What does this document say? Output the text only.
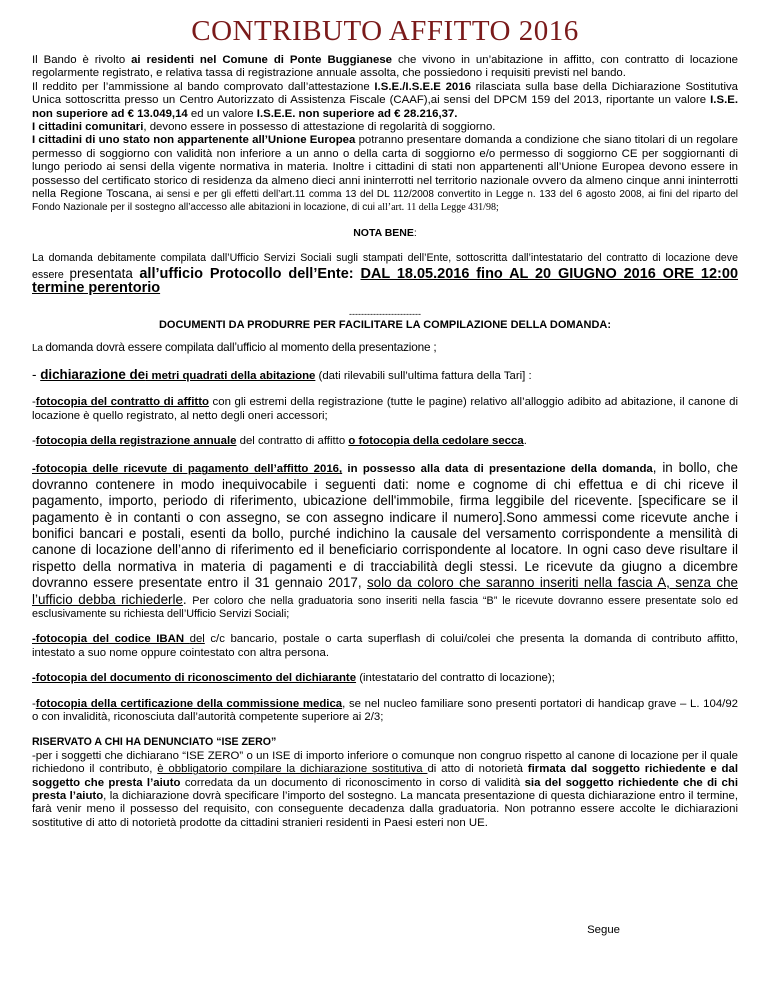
CONTRIBUTO AFFITTO 2016

Il Bando è rivolto ai residenti nel Comune di Ponte Buggianese che vivono in un’abitazione in affitto, con contratto di locazione regolarmente registrato, e relativa tassa di registrazione annuale assolta, che possiedono i requisiti previsti nel bando.

Il reddito per l’ammissione al bando comprovato dall’attestazione I.S.E./I.S.E.E 2016 rilasciata sulla base della Dichiarazione Sostitutiva Unica sottoscritta presso un Centro Autorizzato di Assistenza Fiscale (CAAF),ai sensi del DPCM 159 del 2013, riportante un valore I.S.E. non superiore ad € 13.049,14 ed un valore I.S.E.E. non superiore ad € 28.216,37.

I cittadini comunitari, devono essere in possesso di attestazione di regolarità di soggiorno.

I cittadini di uno stato non appartenente all’Unione Europea potranno presentare domanda a condizione che siano titolari di un regolare permesso di soggiorno con validità non inferiore a un anno o della carta di soggiorno e/o permesso di soggiorno CE per soggiornanti di lungo periodo ai sensi della vigente normativa in materia. Inoltre i cittadini di stati non appartenenti all’Unione Europea devono essere in possesso del certificato storico di residenza da almeno dieci anni ininterrotti nel territorio nazionale ovvero da almeno cinque anni ininterrotti nella Regione Toscana, ai sensi e per gli effetti dell’art.11 comma 13 del DL 112/2008 convertito in Legge n. 133 del 6 agosto 2008, ai fini del riparto del Fondo Nazionale per il sostegno all’accesso alle abitazioni in locazione, di cui all’art. 11 della Legge 431/98;

NOTA BENE:

La domanda debitamente compilata dall’Ufficio Servizi Sociali sugli stampati dell’Ente, sottoscritta dall’intestatario del contratto di locazione deve essere presentata all’ufficio Protocollo dell’Ente: DAL 18.05.2016 fino AL 20 GIUGNO 2016 ORE 12:00 termine perentorio

------------------------

DOCUMENTI DA PRODURRE PER FACILITARE LA COMPILAZIONE DELLA DOMANDA:

La domanda dovrà essere compilata dall’ufficio al momento della presentazione ;

- dichiarazione dei metri quadrati della abitazione (dati rilevabili sull’ultima fattura della Tari] :

-fotocopia del contratto di affitto con gli estremi della registrazione (tutte le pagine) relativo all’alloggio adibito ad abitazione, il canone di locazione è quello registrato, al netto degli oneri accessori;

-fotocopia della registrazione annuale del contratto di affitto o fotocopia della cedolare secca.

-fotocopia delle ricevute di pagamento dell’affitto 2016, in possesso alla data di presentazione della domanda, in bollo, che dovranno contenere in modo inequivocabile i seguenti dati: nome e cognome di chi effettua e di chi riceve il pagamento, importo, periodo di riferimento, ubicazione dell'immobile, firma leggibile del ricevente. [specificare se il pagamento è in contanti o con assegno, se con assegno indicare il numero].Sono ammessi come ricevute anche i bonifici bancari e postali, esenti da bollo, purché indichino la causale del versamento corrispondente a mensilità di canone di locazione dell’anno di riferimento ed il beneficiario corrispondente al locatore. In ogni caso deve risultare il rispetto della normativa in materia di pagamenti e di tracciabilità degli stessi. Le ricevute da giugno a dicembre dovranno essere presentate entro il 31 gennaio 2017, solo da coloro che saranno inseriti nella fascia A, senza che l’ufficio debba richiederle. Per coloro che nella graduatoria sono inseriti nella fascia “B” le ricevute dovranno essere presentate solo ed esclusivamente su richiesta dell’Ufficio Servizi Sociali;

-fotocopia del codice IBAN del c/c bancario, postale o carta superflash di colui/colei che presenta la domanda di contributo affitto, intestato a suo nome oppure cointestato con altra persona.

-fotocopia del documento di riconoscimento del dichiarante (intestatario del contratto di locazione);

-fotocopia della certificazione della commissione medica, se nel nucleo familiare sono presenti portatori di handicap grave – L. 104/92 o con invalidità, riconosciuta dall’autorità competente superiore ai 2/3;

RISERVATO A CHI HA DENUNCIATO “ISE ZERO”

-per i soggetti che dichiarano “ISE ZERO” o un ISE di importo inferiore o comunque non congruo rispetto al canone di locazione per il quale richiedono il contributo, è obbligatorio compilare la dichiarazione sostitutiva di atto di notorietà firmata dal soggetto richiedente e dal soggetto che presta l’aiuto corredata da un documento di riconoscimento in corso di validità sia del soggetto richiedente che di chi presta l’aiuto, la dichiarazione dovrà specificare l’importo del sostegno. La mancata presentazione di questa dichiarazione entro il termine, farà venir meno il possesso del requisito, con conseguente decadenza dalla graduatoria. Non potranno essere accolte le dichiarazioni sostitutive di atto di notorietà prodotte da cittadini stranieri residenti in Paesi esteri non UE.

Segue
